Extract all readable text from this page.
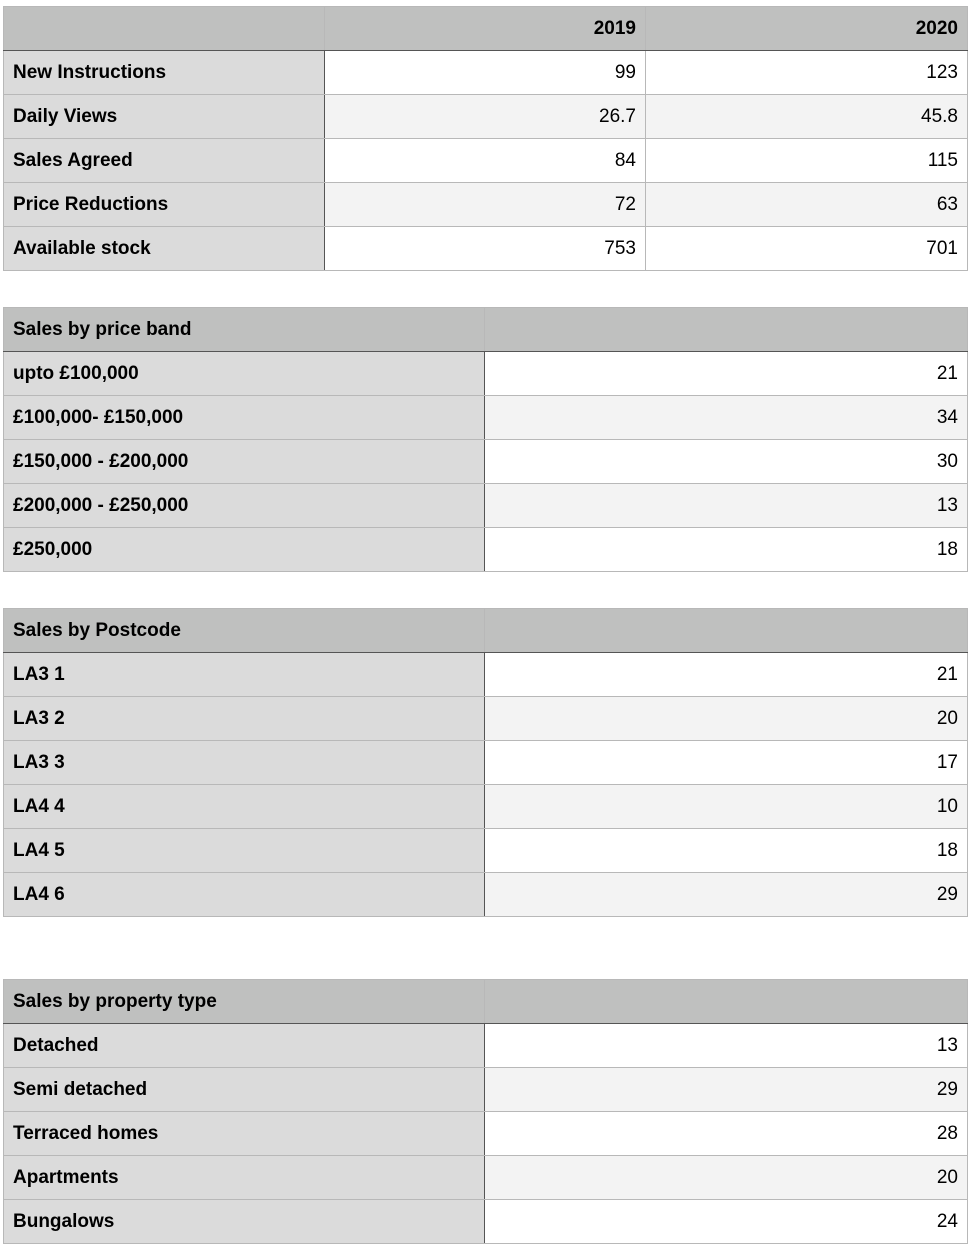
	2019	2020
New Instructions	99	123
Daily Views	26.7	45.8
Sales Agreed	84	115
Price Reductions	72	63
Available stock	753	701
Sales by price band	
upto £100,000	21
£100,000- £150,000	34
£150,000 - £200,000	30
£200,000 - £250,000	13
£250,000	18
Sales by Postcode	
LA3 1	21
LA3 2	20
LA3 3	17
LA4 4	10
LA4 5	18
LA4 6	29
Sales by property type	
Detached	13
Semi detached	29
Terraced homes	28
Apartments	20
Bungalows	24
